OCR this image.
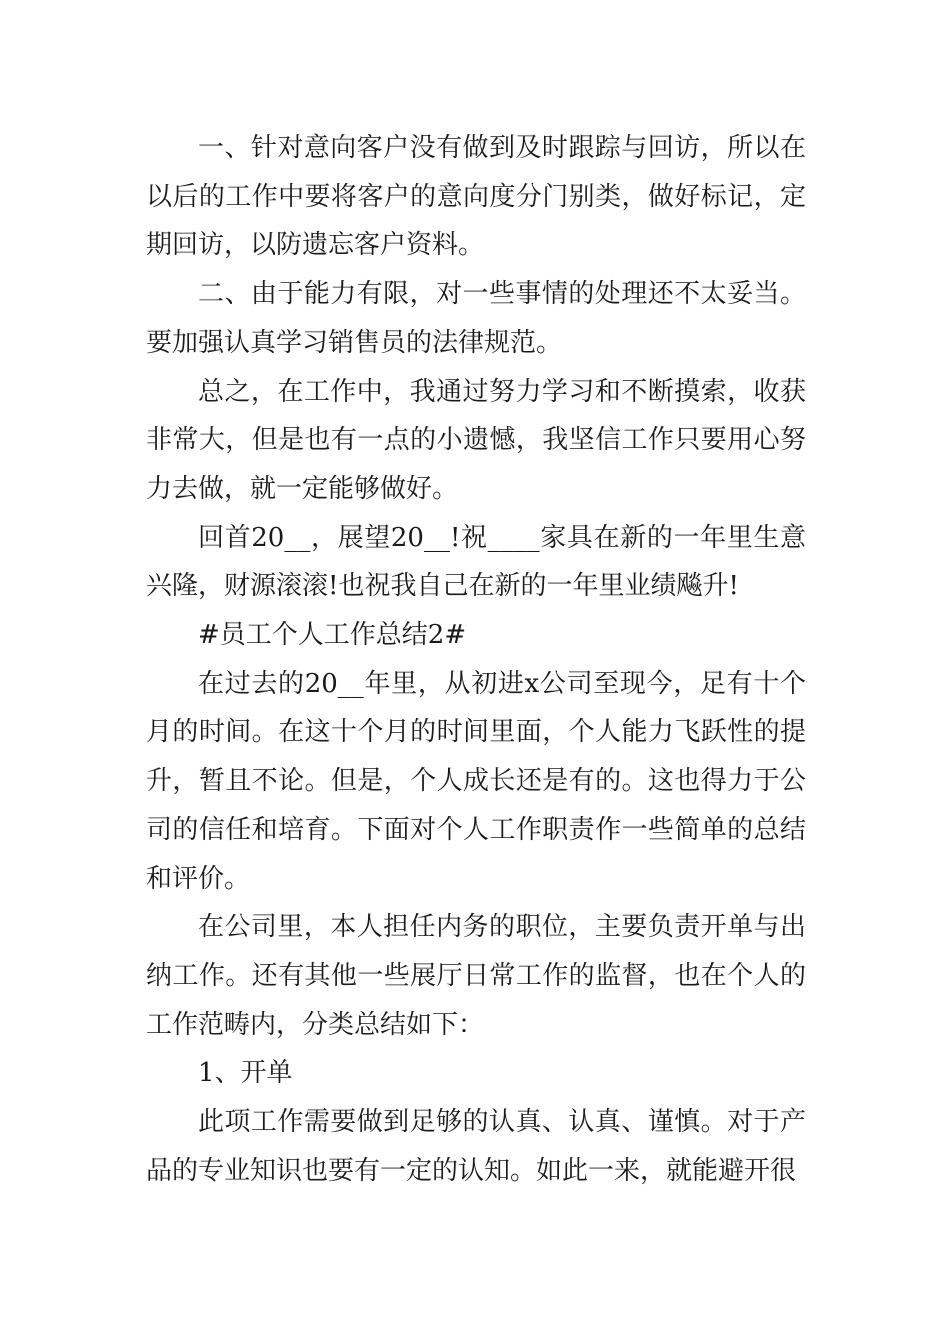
一、针对意向客户没有做到及时跟踪与回访，所以在以后的工作中要将客户的意向度分门别类，做好标记，定期回访，以防遗忘客户资料。

二、由于能力有限，对一些事情的处理还不太妥当。要加强认真学习销售员的法律规范。

总之，在工作中，我通过努力学习和不断摸索，收获非常大，但是也有一点的小遗憾，我坚信工作只要用心努力去做，就一定能够做好。

回首20__，展望20__!祝____家具在新的一年里生意兴隆，财源滚滚!也祝我自己在新的一年里业绩飚升!

#员工个人工作总结2#

在过去的20__年里，从初进x公司至现今，足有十个月的时间。在这十个月的时间里面，个人能力飞跃性的提升，暂且不论。但是，个人成长还是有的。这也得力于公司的信任和培育。下面对个人工作职责作一些简单的总结和评价。

在公司里，本人担任内务的职位，主要负责开单与出纳工作。还有其他一些展厅日常工作的监督，也在个人的工作范畴内，分类总结如下：

1、开单

此项工作需要做到足够的认真、认真、谨慎。对于产品的专业知识也要有一定的认知。如此一来，就能避开很
